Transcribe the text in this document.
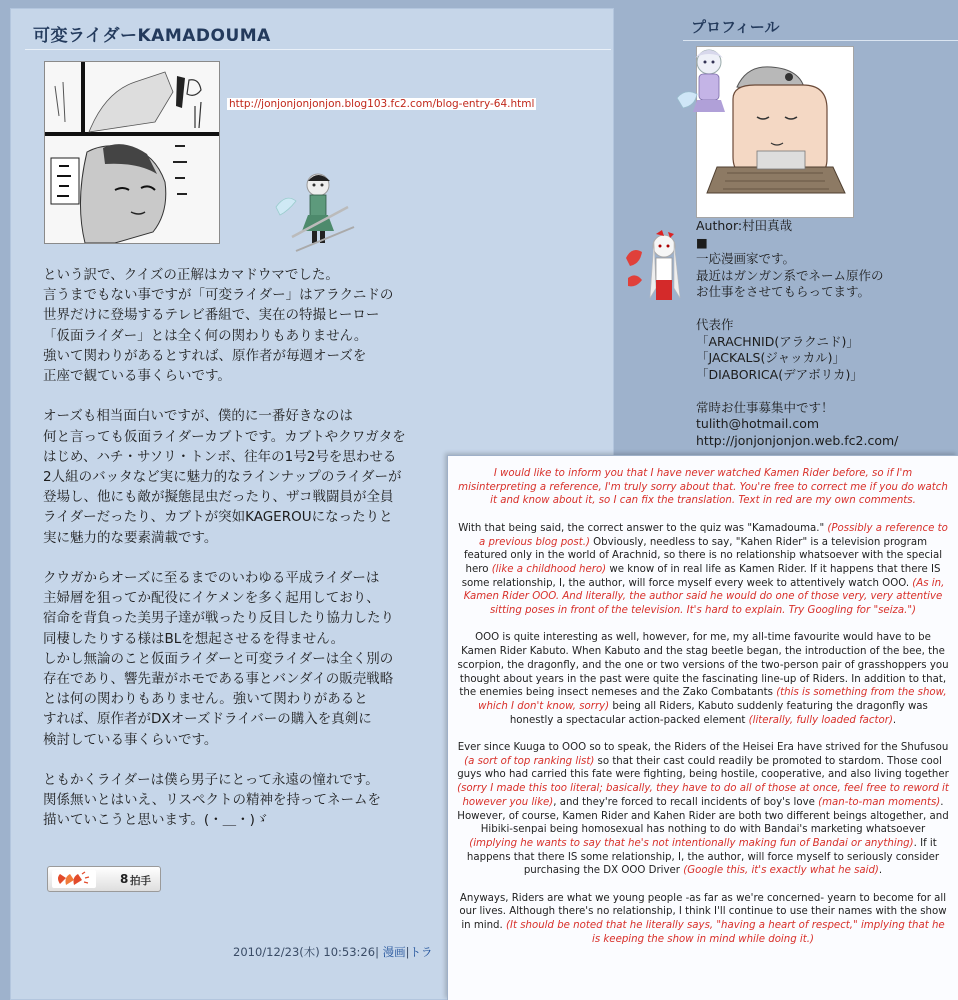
可変ライダーKAMADOUMA
http://jonjonjonjonjon.blog103.fc2.com/blog-entry-64.html

という訳で、クイズの正解はカマドウマでした。
言うまでもない事ですが「可変ライダー」はアラクニドの
世界だけに登場するテレビ番組で、実在の特撮ヒーロー
「仮面ライダー」とは全く何の関わりもありません。
強いて関わりがあるとすれば、原作者が毎週オーズを
正座で観ている事くらいです。

オーズも相当面白いですが、僕的に一番好きなのは
何と言っても仮面ライダーカブトです。カブトやクワガタを
はじめ、ハチ・サソリ・トンボ、往年の1号2号を思わせる
2人組のバッタなど実に魅力的なラインナップのライダーが
登場し、他にも敵が擬態昆虫だったり、ザコ戦闘員が全員
ライダーだったり、カブトが突如KAGEROUになったりと
実に魅力的な要素満載です。

クウガからオーズに至るまでのいわゆる平成ライダーは
主婦層を狙ってか配役にイケメンを多く起用しており、
宿命を背負った美男子達が戦ったり反目したり協力したり
同棲したりする様はBLを想起させるを得ません。
しかし無論のこと仮面ライダーと可変ライダーは全く別の
存在であり、響先輩がホモである事とバンダイの販売戦略
とは何の関わりもありません。強いて関わりがあると
すれば、原作者がDXオーズドライバーの購入を真剣に
検討している事くらいです。

ともかくライダーは僕ら男子にとって永遠の憧れです。
関係無いとはいえ、リスペクトの精神を持ってネームを
描いていこうと思います。(・＿・)ゞ

8 拍手
2010/12/23(木) 10:53:26| 漫画|トラ
プロフィール
Author:村田真哉
■
一応漫画家です。
最近はガンガン系でネーム原作の
お仕事をさせてもらってます。
代表作
「ARACHNID(アラクニド)」
「JACKALS(ジャッカル)」
「DIABORICA(デアボリカ)」
常時お仕事募集中です！
tulith@hotmail.com
http://jonjonjonjon.web.fc2.com/

I would like to inform you that I have never watched Kamen Rider before, so if I'm misinterpreting a reference, I'm truly sorry about that. You're free to correct me if you do watch it and know about it, so I can fix the translation. Text in red are my own comments.

With that being said, the correct answer to the quiz was "Kamadouma." (Possibly a reference to a previous blog post.) Obviously, needless to say, "Kahen Rider" is a television program featured only in the world of Arachnid, so there is no relationship whatsoever with the special hero (like a childhood hero) we know of in real life as Kamen Rider. If it happens that there IS some relationship, I, the author, will force myself every week to attentively watch OOO. (As in, Kamen Rider OOO. And literally, the author said he would do one of those very, very attentive sitting poses in front of the television. It's hard to explain. Try Googling for "seiza.")

OOO is quite interesting as well, however, for me, my all-time favourite would have to be Kamen Rider Kabuto. When Kabuto and the stag beetle began, the introduction of the bee, the scorpion, the dragonfly, and the one or two versions of the two-person pair of grasshoppers you thought about years in the past were quite the fascinating line-up of Riders. In addition to that, the enemies being insect nemeses and the Zako Combatants (this is something from the show, which I don't know, sorry) being all Riders, Kabuto suddenly featuring the dragonfly was honestly a spectacular action-packed element (literally, fully loaded factor).

Ever since Kuuga to OOO so to speak, the Riders of the Heisei Era have strived for the Shufusou (a sort of top ranking list) so that their cast could readily be promoted to stardom. Those cool guys who had carried this fate were fighting, being hostile, cooperative, and also living together (sorry I made this too literal; basically, they have to do all of those at once, feel free to reword it however you like), and they're forced to recall incidents of boy's love (man-to-man moments). However, of course, Kamen Rider and Kahen Rider are both two different beings altogether, and Hibiki-senpai being homosexual has nothing to do with Bandai's marketing whatsoever (implying he wants to say that he's not intentionally making fun of Bandai or anything). If it happens that there IS some relationship, I, the author, will force myself to seriously consider purchasing the DX OOO Driver (Google this, it's exactly what he said).

Anyways, Riders are what we young people -as far as we're concerned- yearn to become for all our lives. Although there's no relationship, I think I'll continue to use their names with the show in mind. (It should be noted that he literally says, "having a heart of respect," implying that he is keeping the show in mind while doing it.)
